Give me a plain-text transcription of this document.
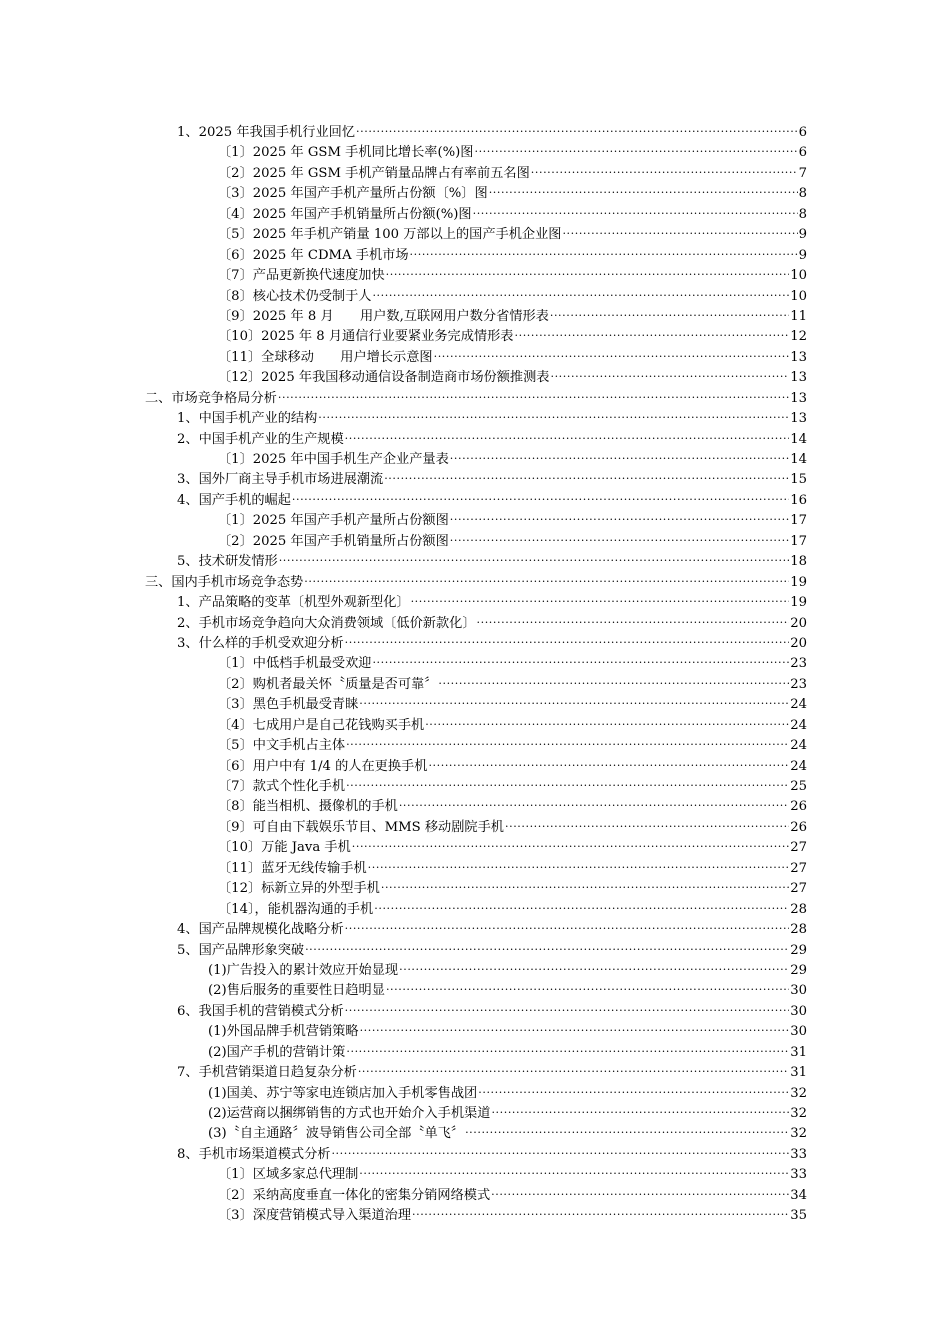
1、2025 年我国手机行业回忆 .....	6
〔1〕2025 年 GSM 手机同比增长率(%)图 .....	6
〔2〕2025 年 GSM 手机产销量品牌占有率前五名图 .....	7
〔3〕2025 年国产手机产量所占份额〔%〕图 .....	8
〔4〕2025 年国产手机销量所占份额(%)图 .....	8
〔5〕2025 年手机产销量 100 万部以上的国产手机企业图 .....	9
〔6〕2025 年 CDMA 手机市场 .....	9
〔7〕产品更新换代速度加快 .....	10
〔8〕核心技术仍受制于人 .....	10
〔9〕2025 年 8 月　　用户数,互联网用户数分省情形表 .....	11
〔10〕2025 年 8 月通信行业要紧业务完成情形表 .....	12
〔11〕全球移动　　用户增长示意图 .....	13
〔12〕2025 年我国移动通信设备制造商市场份额推测表 .....	13
二、市场竞争格局分析 .....	13
1、中国手机产业的结构 .....	13
2、中国手机产业的生产规模 .....	14
〔1〕2025 年中国手机生产企业产量表 .....	14
3、国外厂商主导手机市场进展潮流 .....	15
4、国产手机的崛起 .....	16
〔1〕2025 年国产手机产量所占份额图 .....	17
〔2〕2025 年国产手机销量所占份额图 .....	17
5、技术研发情形 .....	18
三、国内手机市场竞争态势 .....	19
1、产品策略的变革〔机型外观新型化〕 .....	19
2、手机市场竞争趋向大众消费领域〔低价新款化〕 .....	20
3、什么样的手机受欢迎分析 .....	20
〔1〕中低档手机最受欢迎 .....	23
〔2〕购机者最关怀〝质量是否可靠〞 .....	23
〔3〕黑色手机最受青睐 .....	24
〔4〕七成用户是自己花钱购买手机 .....	24
〔5〕中文手机占主体 .....	24
〔6〕用户中有 1/4 的人在更换手机 .....	24
〔7〕款式个性化手机 .....	25
〔8〕能当相机、摄像机的手机 .....	26
〔9〕可自由下载娱乐节目、MMS 移动剧院手机 .....	26
〔10〕万能 Java 手机 .....	27
〔11〕蓝牙无线传输手机 .....	27
〔12〕标新立异的外型手机 .....	27
〔14〕，能机器沟通的手机 .....	28
4、国产品牌规模化战略分析 .....	28
5、国产品牌形象突破 .....	29
(1)广告投入的累计效应开始显现 .....	29
(2)售后服务的重要性日趋明显 .....	30
6、我国手机的营销模式分析 .....	30
(1)外国品牌手机营销策略 .....	30
(2)国产手机的营销计策 .....	31
7、手机营销渠道日趋复杂分析 .....	31
(1)国美、苏宁等家电连锁店加入手机零售战团 .....	32
(2)运营商以捆绑销售的方式也开始介入手机渠道 .....	32
(3)〝自主通路〞波导销售公司全部〝单飞〞 .....	32
8、手机市场渠道模式分析 .....	33
〔1〕区域多家总代理制 .....	33
〔2〕采纳高度垂直一体化的密集分销网络模式 .....	34
〔3〕深度营销模式导入渠道治理 .....	35
